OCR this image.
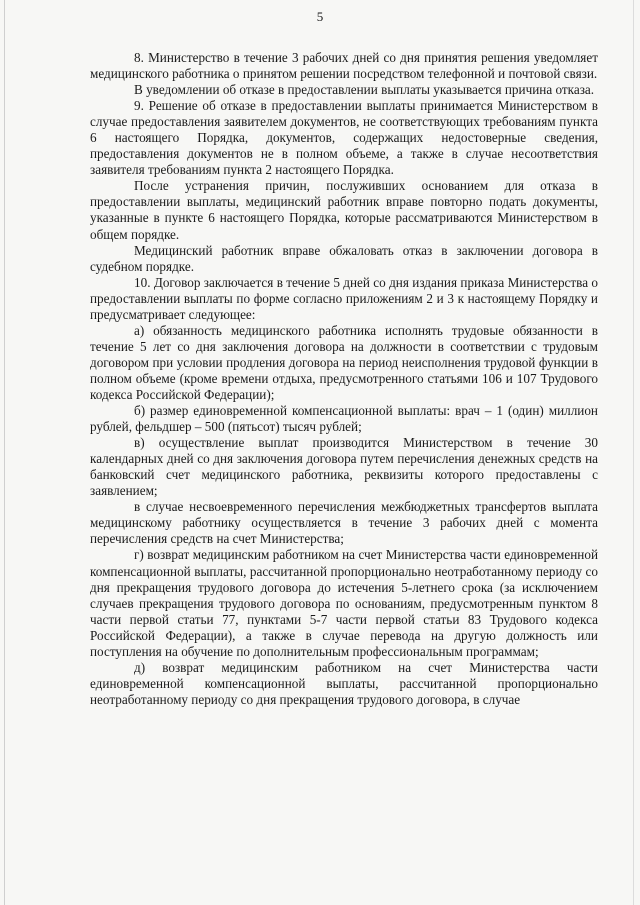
5

8. Министерство в течение 3 рабочих дней со дня принятия решения уведомляет медицинского работника о принятом решении посредством телефонной и почтовой связи.

В уведомлении об отказе в предоставлении выплаты указывается причина отказа.

9. Решение об отказе в предоставлении выплаты принимается Министерством в случае предоставления заявителем документов, не соответствующих требованиям пункта 6 настоящего Порядка, документов, содержащих недостоверные сведения, предоставления документов не в полном объеме, а также в случае несоответствия заявителя требованиям пункта 2 настоящего Порядка.

После устранения причин, послуживших основанием для отказа в предоставлении выплаты, медицинский работник вправе повторно подать документы, указанные в пункте 6 настоящего Порядка, которые рассматриваются Министерством в общем порядке.

Медицинский работник вправе обжаловать отказ в заключении договора в судебном порядке.

10. Договор заключается в течение 5 дней со дня издания приказа Министерства о предоставлении выплаты по форме согласно приложениям 2 и 3 к настоящему Порядку и предусматривает следующее:

а) обязанность медицинского работника исполнять трудовые обязанности в течение 5 лет со дня заключения договора на должности в соответствии с трудовым договором при условии продления договора на период неисполнения трудовой функции в полном объеме (кроме времени отдыха, предусмотренного статьями 106 и 107 Трудового кодекса Российской Федерации);

б) размер единовременной компенсационной выплаты: врач – 1 (один) миллион рублей, фельдшер – 500 (пятьсот) тысяч рублей;

в) осуществление выплат производится Министерством в течение 30 календарных дней со дня заключения договора путем перечисления денежных средств на банковский счет медицинского работника, реквизиты которого предоставлены с заявлением;

в случае несвоевременного перечисления межбюджетных трансфертов выплата медицинскому работнику осуществляется в течение 3 рабочих дней с момента перечисления средств на счет Министерства;

г) возврат медицинским работником на счет Министерства части единовременной компенсационной выплаты, рассчитанной пропорционально неотработанному периоду со дня прекращения трудового договора до истечения 5-летнего срока (за исключением случаев прекращения трудового договора по основаниям, предусмотренным пунктом 8 части первой статьи 77, пунктами 5-7 части первой статьи 83 Трудового кодекса Российской Федерации), а также в случае перевода на другую должность или поступления на обучение по дополнительным профессиональным программам;

д) возврат медицинским работником на счет Министерства части единовременной компенсационной выплаты, рассчитанной пропорционально неотработанному периоду со дня прекращения трудового договора, в случае
